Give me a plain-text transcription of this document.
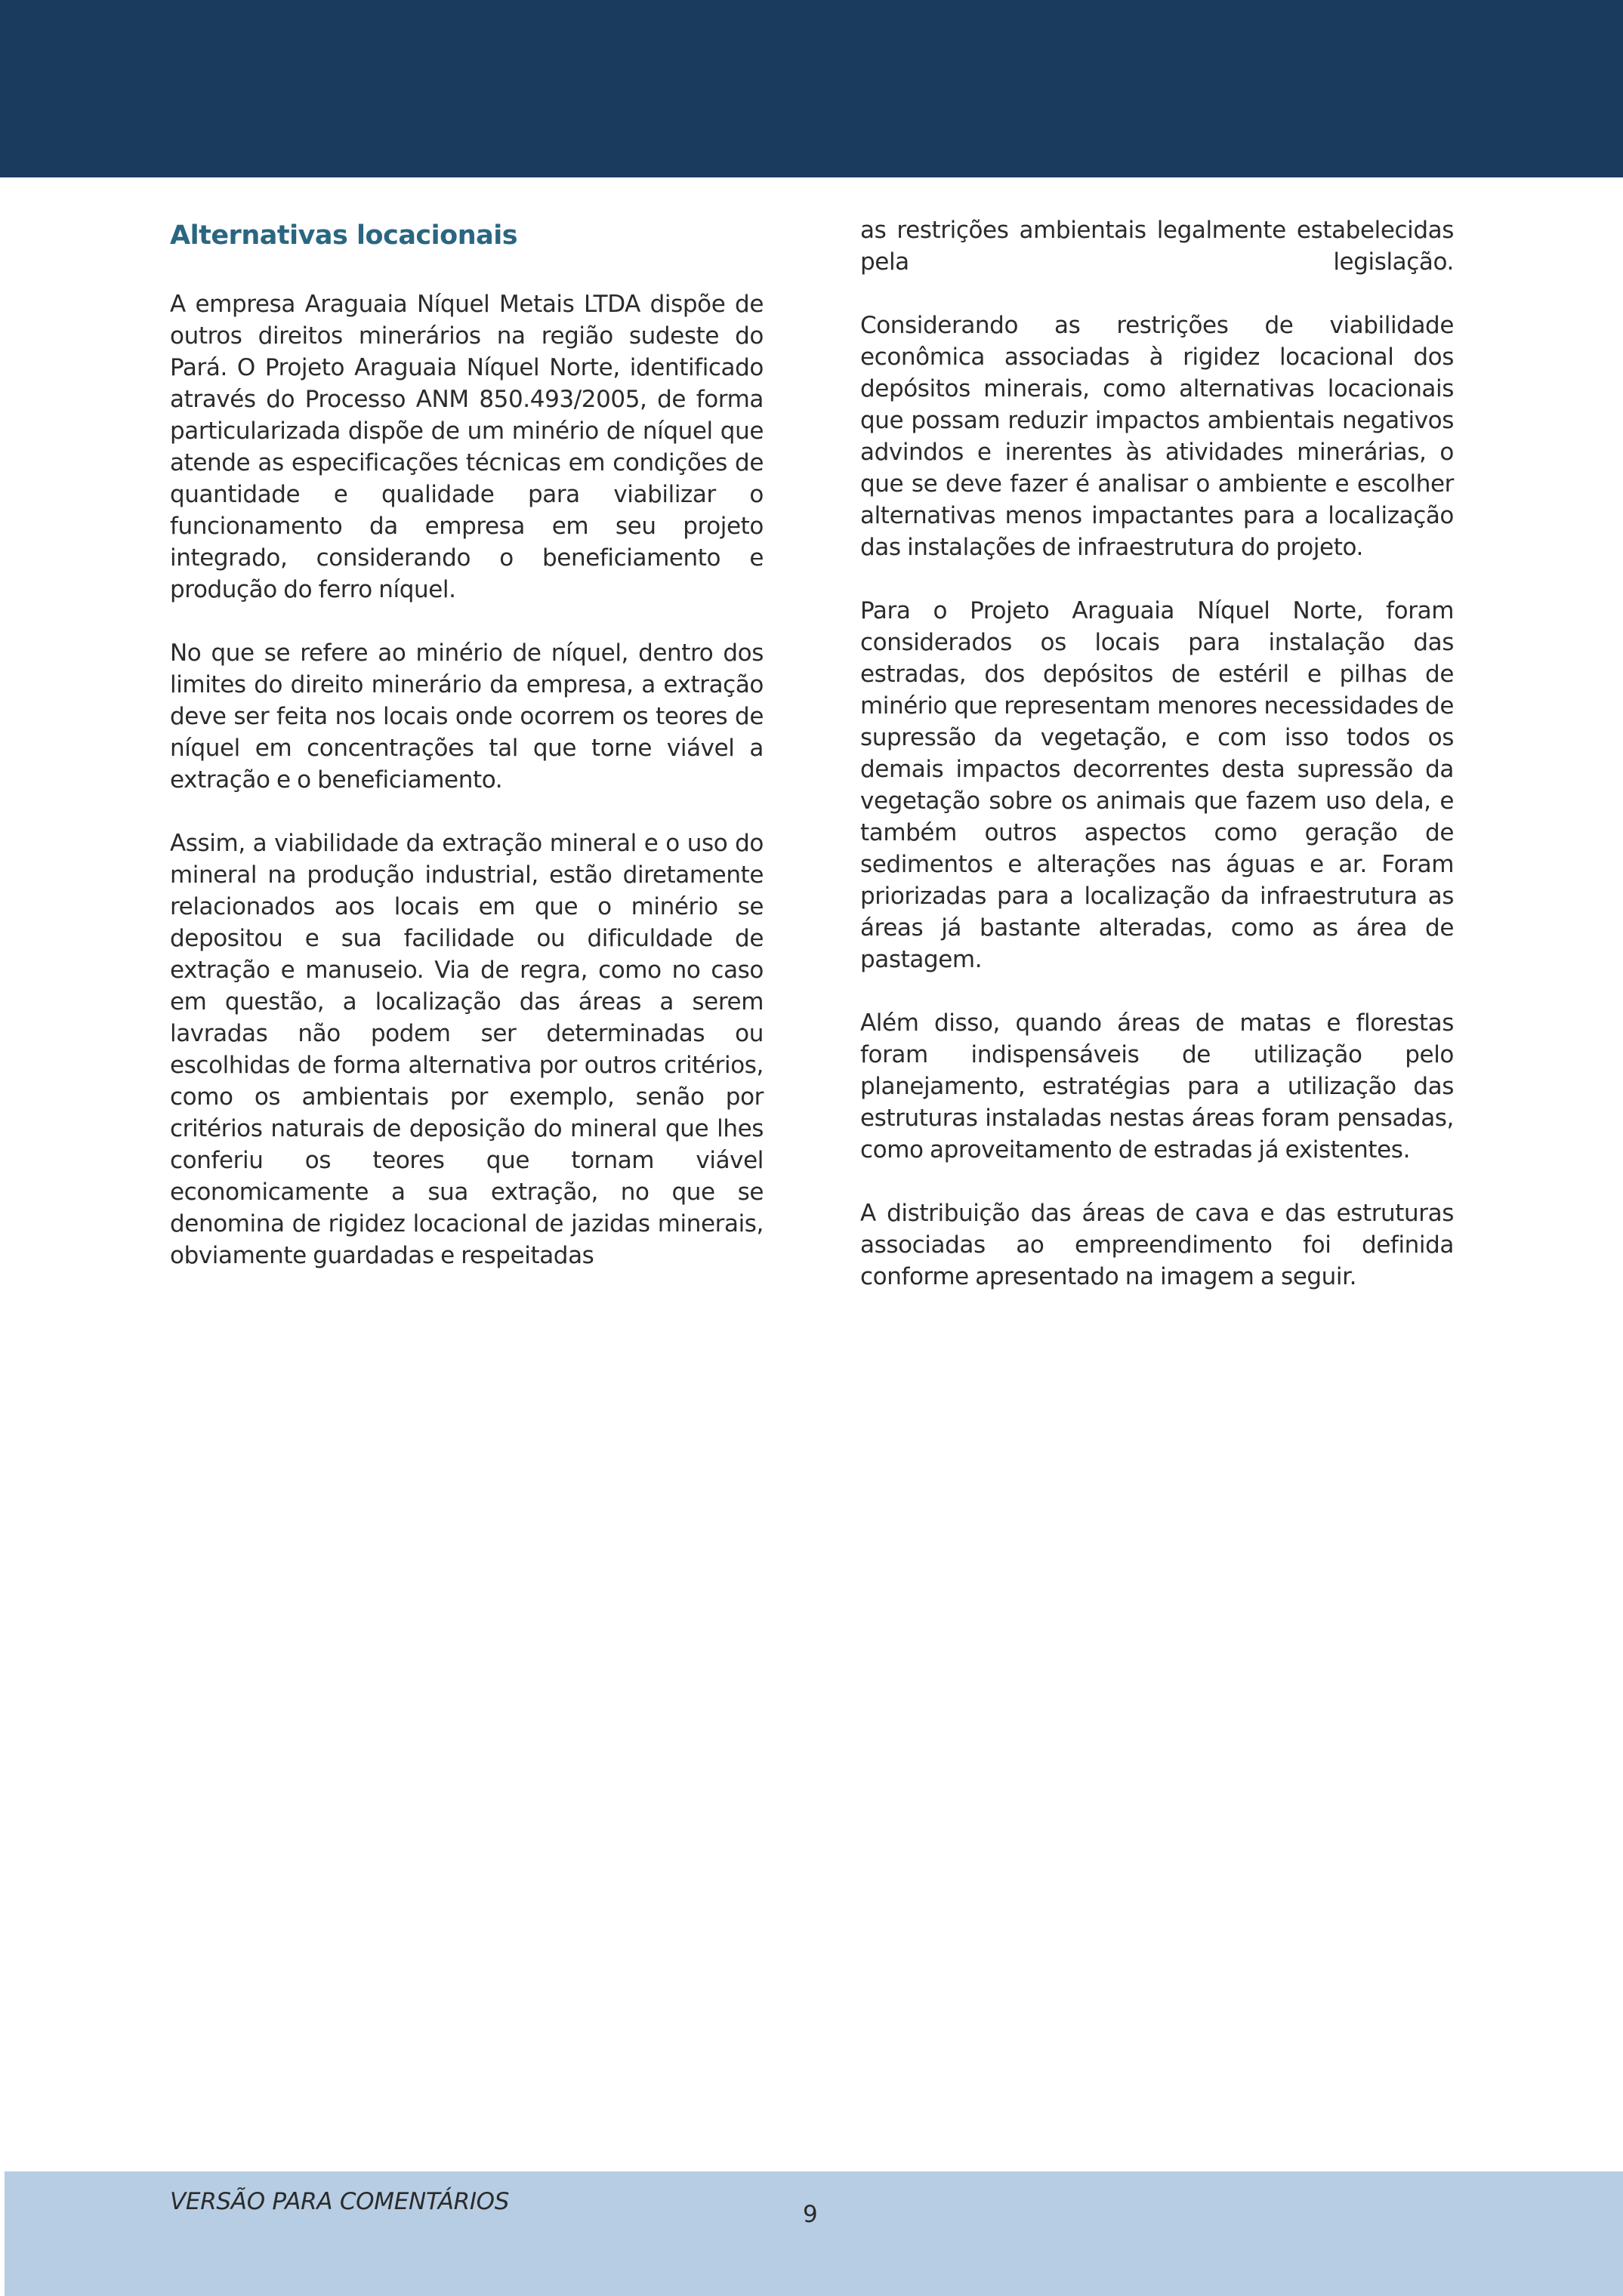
Alternativas locacionais

A empresa Araguaia Níquel Metais LTDA dispõe de outros direitos minerários na região sudeste do Pará. O Projeto Araguaia Níquel Norte, identificado através do Processo ANM 850.493/2005, de forma particularizada dispõe de um minério de níquel que atende as especificações técnicas em condições de quantidade e qualidade para viabilizar o funcionamento da empresa em seu projeto integrado, considerando o beneficiamento e produção do ferro níquel.

No que se refere ao minério de níquel, dentro dos limites do direito minerário da empresa, a extração deve ser feita nos locais onde ocorrem os teores de níquel em concentrações tal que torne viável a extração e o beneficiamento.

Assim, a viabilidade da extração mineral e o uso do mineral na produção industrial, estão diretamente relacionados aos locais em que o minério se depositou e sua facilidade ou dificuldade de extração e manuseio. Via de regra, como no caso em questão, a localização das áreas a serem lavradas não podem ser determinadas ou escolhidas de forma alternativa por outros critérios, como os ambientais por exemplo, senão por critérios naturais de deposição do mineral que lhes conferiu os teores que tornam viável economicamente a sua extração, no que se denomina de rigidez locacional de jazidas minerais, obviamente guardadas e respeitadas

as restrições ambientais legalmente estabelecidas pela legislação.

Considerando as restrições de viabilidade econômica associadas à rigidez locacional dos depósitos minerais, como alternativas locacionais que possam reduzir impactos ambientais negativos advindos e inerentes às atividades minerárias, o que se deve fazer é analisar o ambiente e escolher alternativas menos impactantes para a localização das instalações de infraestrutura do projeto.

Para o Projeto Araguaia Níquel Norte, foram considerados os locais para instalação das estradas, dos depósitos de estéril e pilhas de minério que representam menores necessidades de supressão da vegetação, e com isso todos os demais impactos decorrentes desta supressão da vegetação sobre os animais que fazem uso dela, e também outros aspectos como geração de sedimentos e alterações nas águas e ar. Foram priorizadas para a localização da infraestrutura as áreas já bastante alteradas, como as área de pastagem.

Além disso, quando áreas de matas e florestas foram indispensáveis de utilização pelo planejamento, estratégias para a utilização das estruturas instaladas nestas áreas foram pensadas, como aproveitamento de estradas já existentes.

A distribuição das áreas de cava e das estruturas associadas ao empreendimento foi definida conforme apresentado na imagem a seguir.

VERSÃO PARA COMENTÁRIOS	9
